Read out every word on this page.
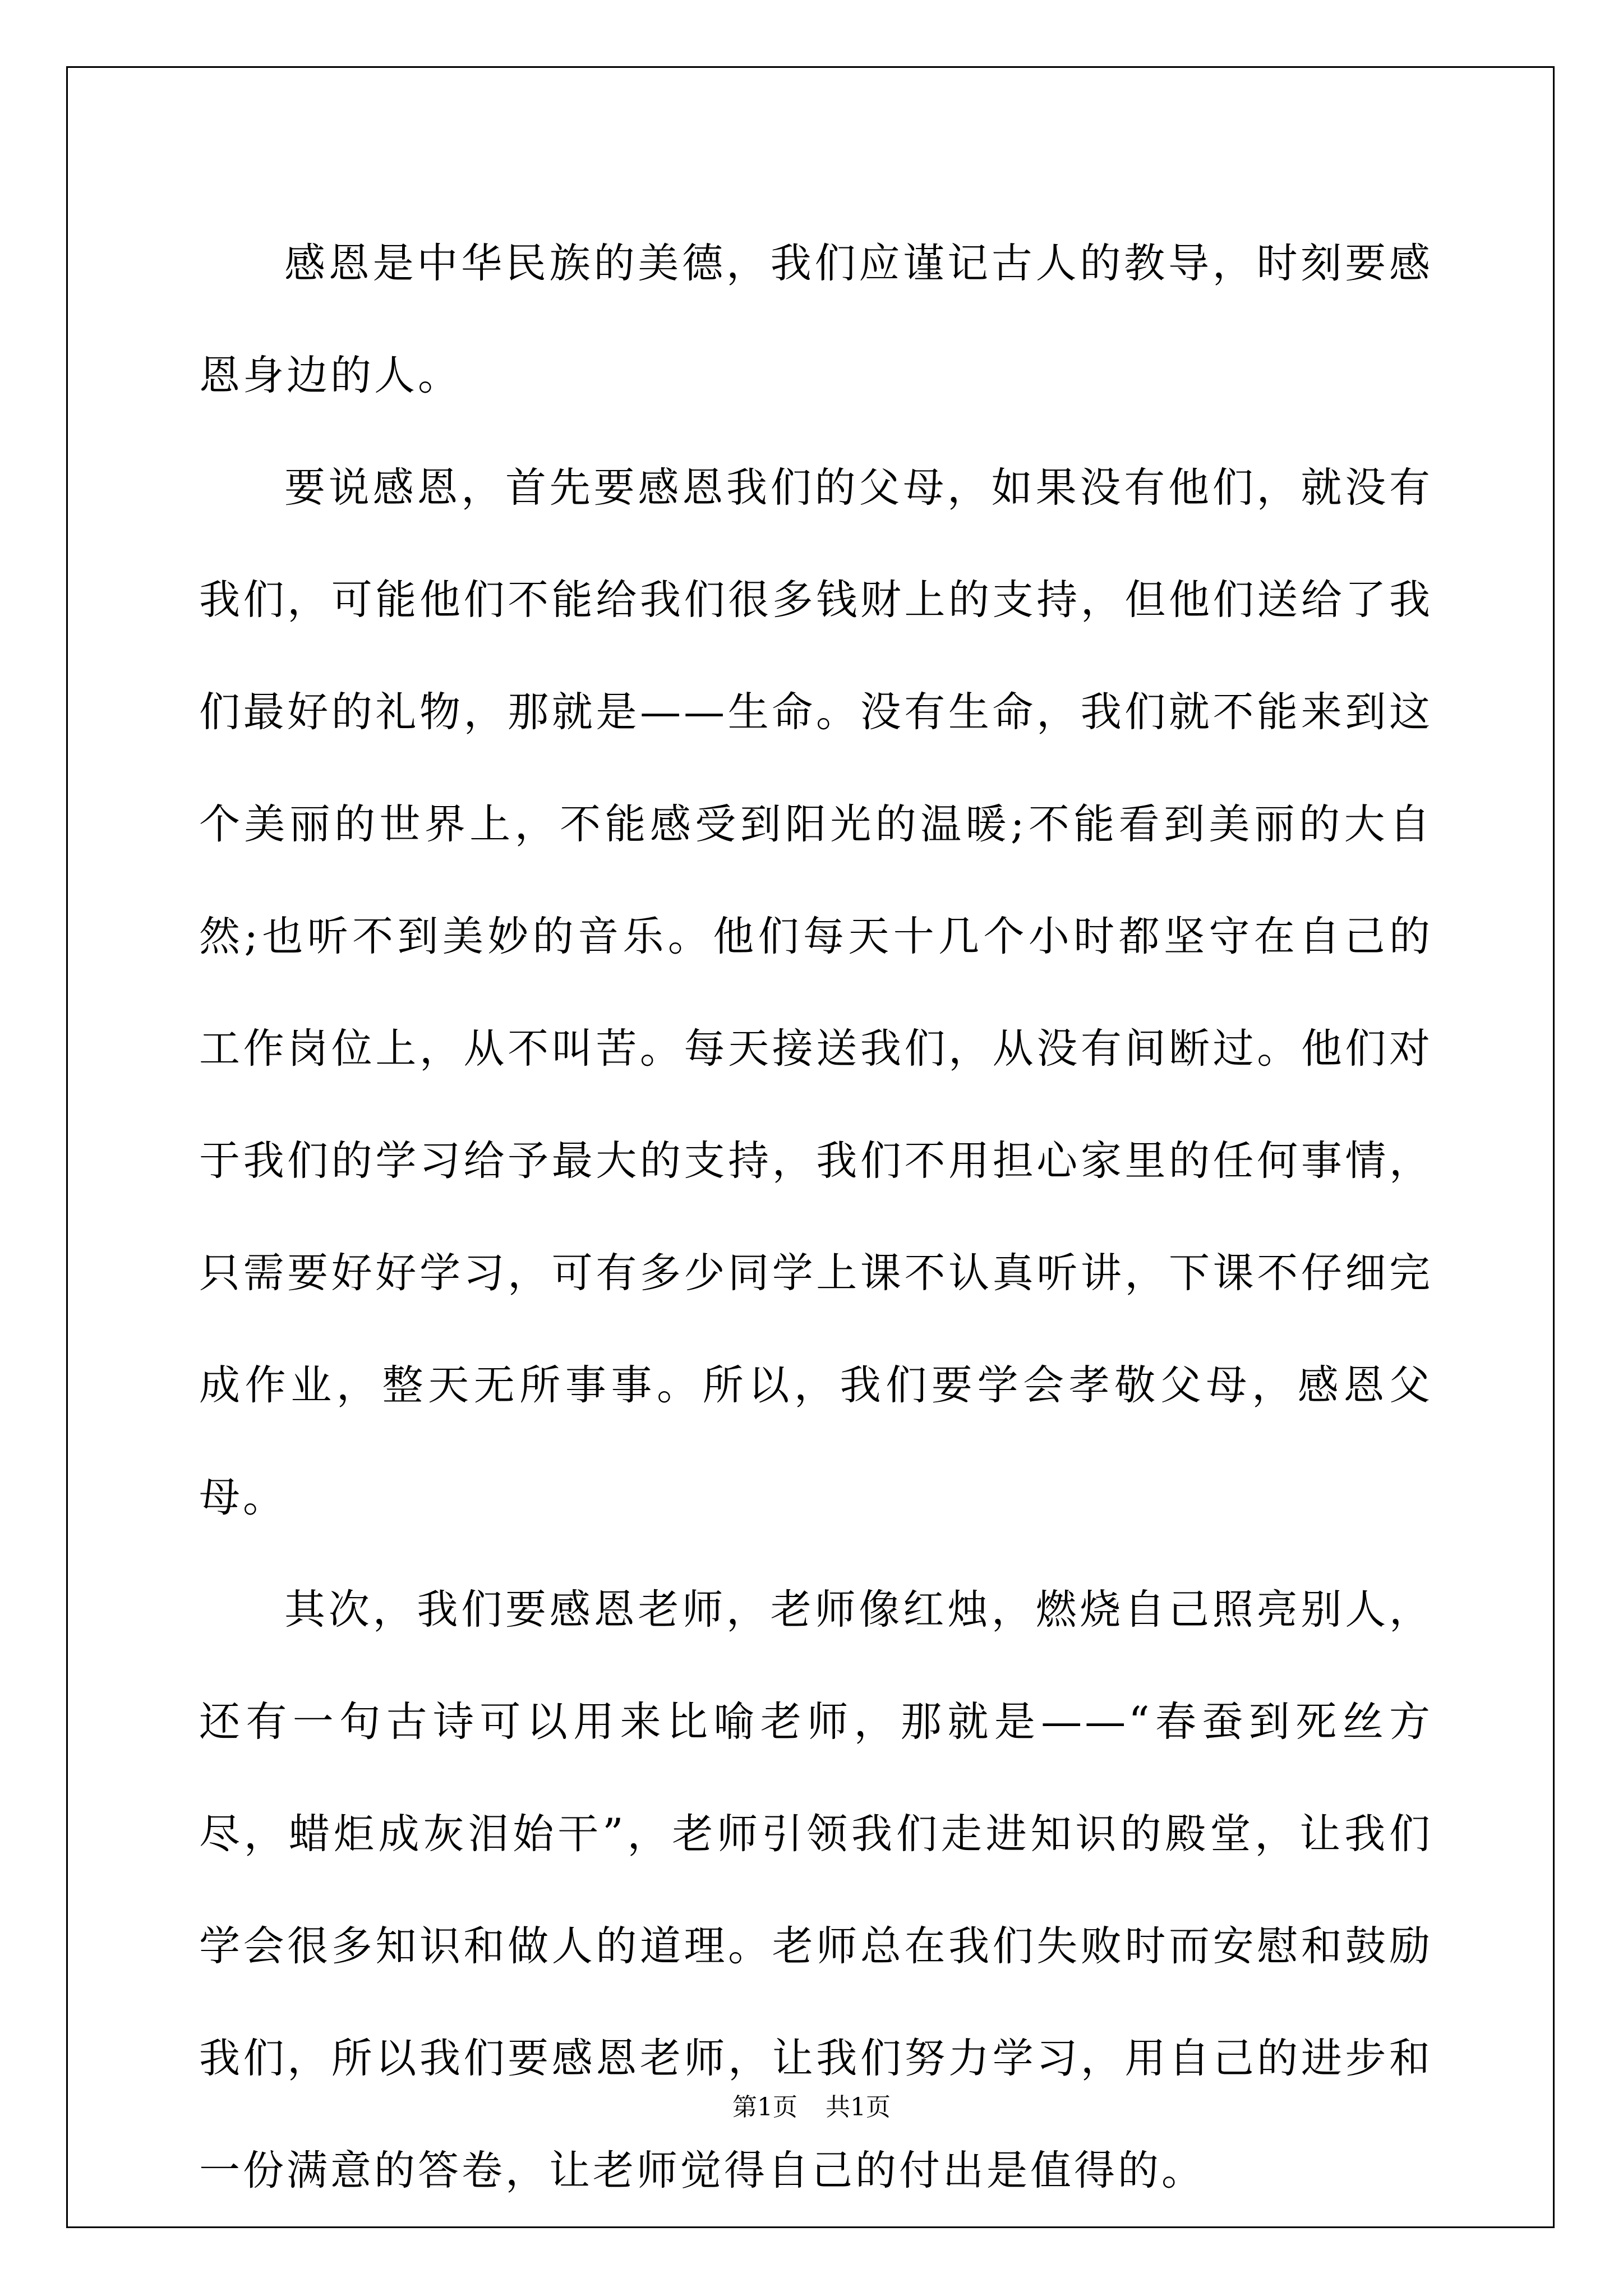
感恩是中华民族的美德，我们应谨记古人的教导，时刻要感恩身边的人。

要说感恩，首先要感恩我们的父母，如果没有他们，就没有我们，可能他们不能给我们很多钱财上的支持，但他们送给了我们最好的礼物，那就是——生命。没有生命，我们就不能来到这个美丽的世界上，不能感受到阳光的温暖;不能看到美丽的大自然;也听不到美妙的音乐。他们每天十几个小时都坚守在自己的工作岗位上，从不叫苦。每天接送我们，从没有间断过。他们对于我们的学习给予最大的支持，我们不用担心家里的任何事情，只需要好好学习，可有多少同学上课不认真听讲，下课不仔细完成作业，整天无所事事。所以，我们要学会孝敬父母，感恩父母。

其次，我们要感恩老师，老师像红烛，燃烧自己照亮别人，还有一句古诗可以用来比喻老师，那就是——“春蚕到死丝方尽，蜡炬成灰泪始干”，老师引领我们走进知识的殿堂，让我们学会很多知识和做人的道理。老师总在我们失败时而安慰和鼓励我们，所以我们要感恩老师，让我们努力学习，用自己的进步和一份满意的答卷，让老师觉得自己的付出是值得的。

第1页 共1页
